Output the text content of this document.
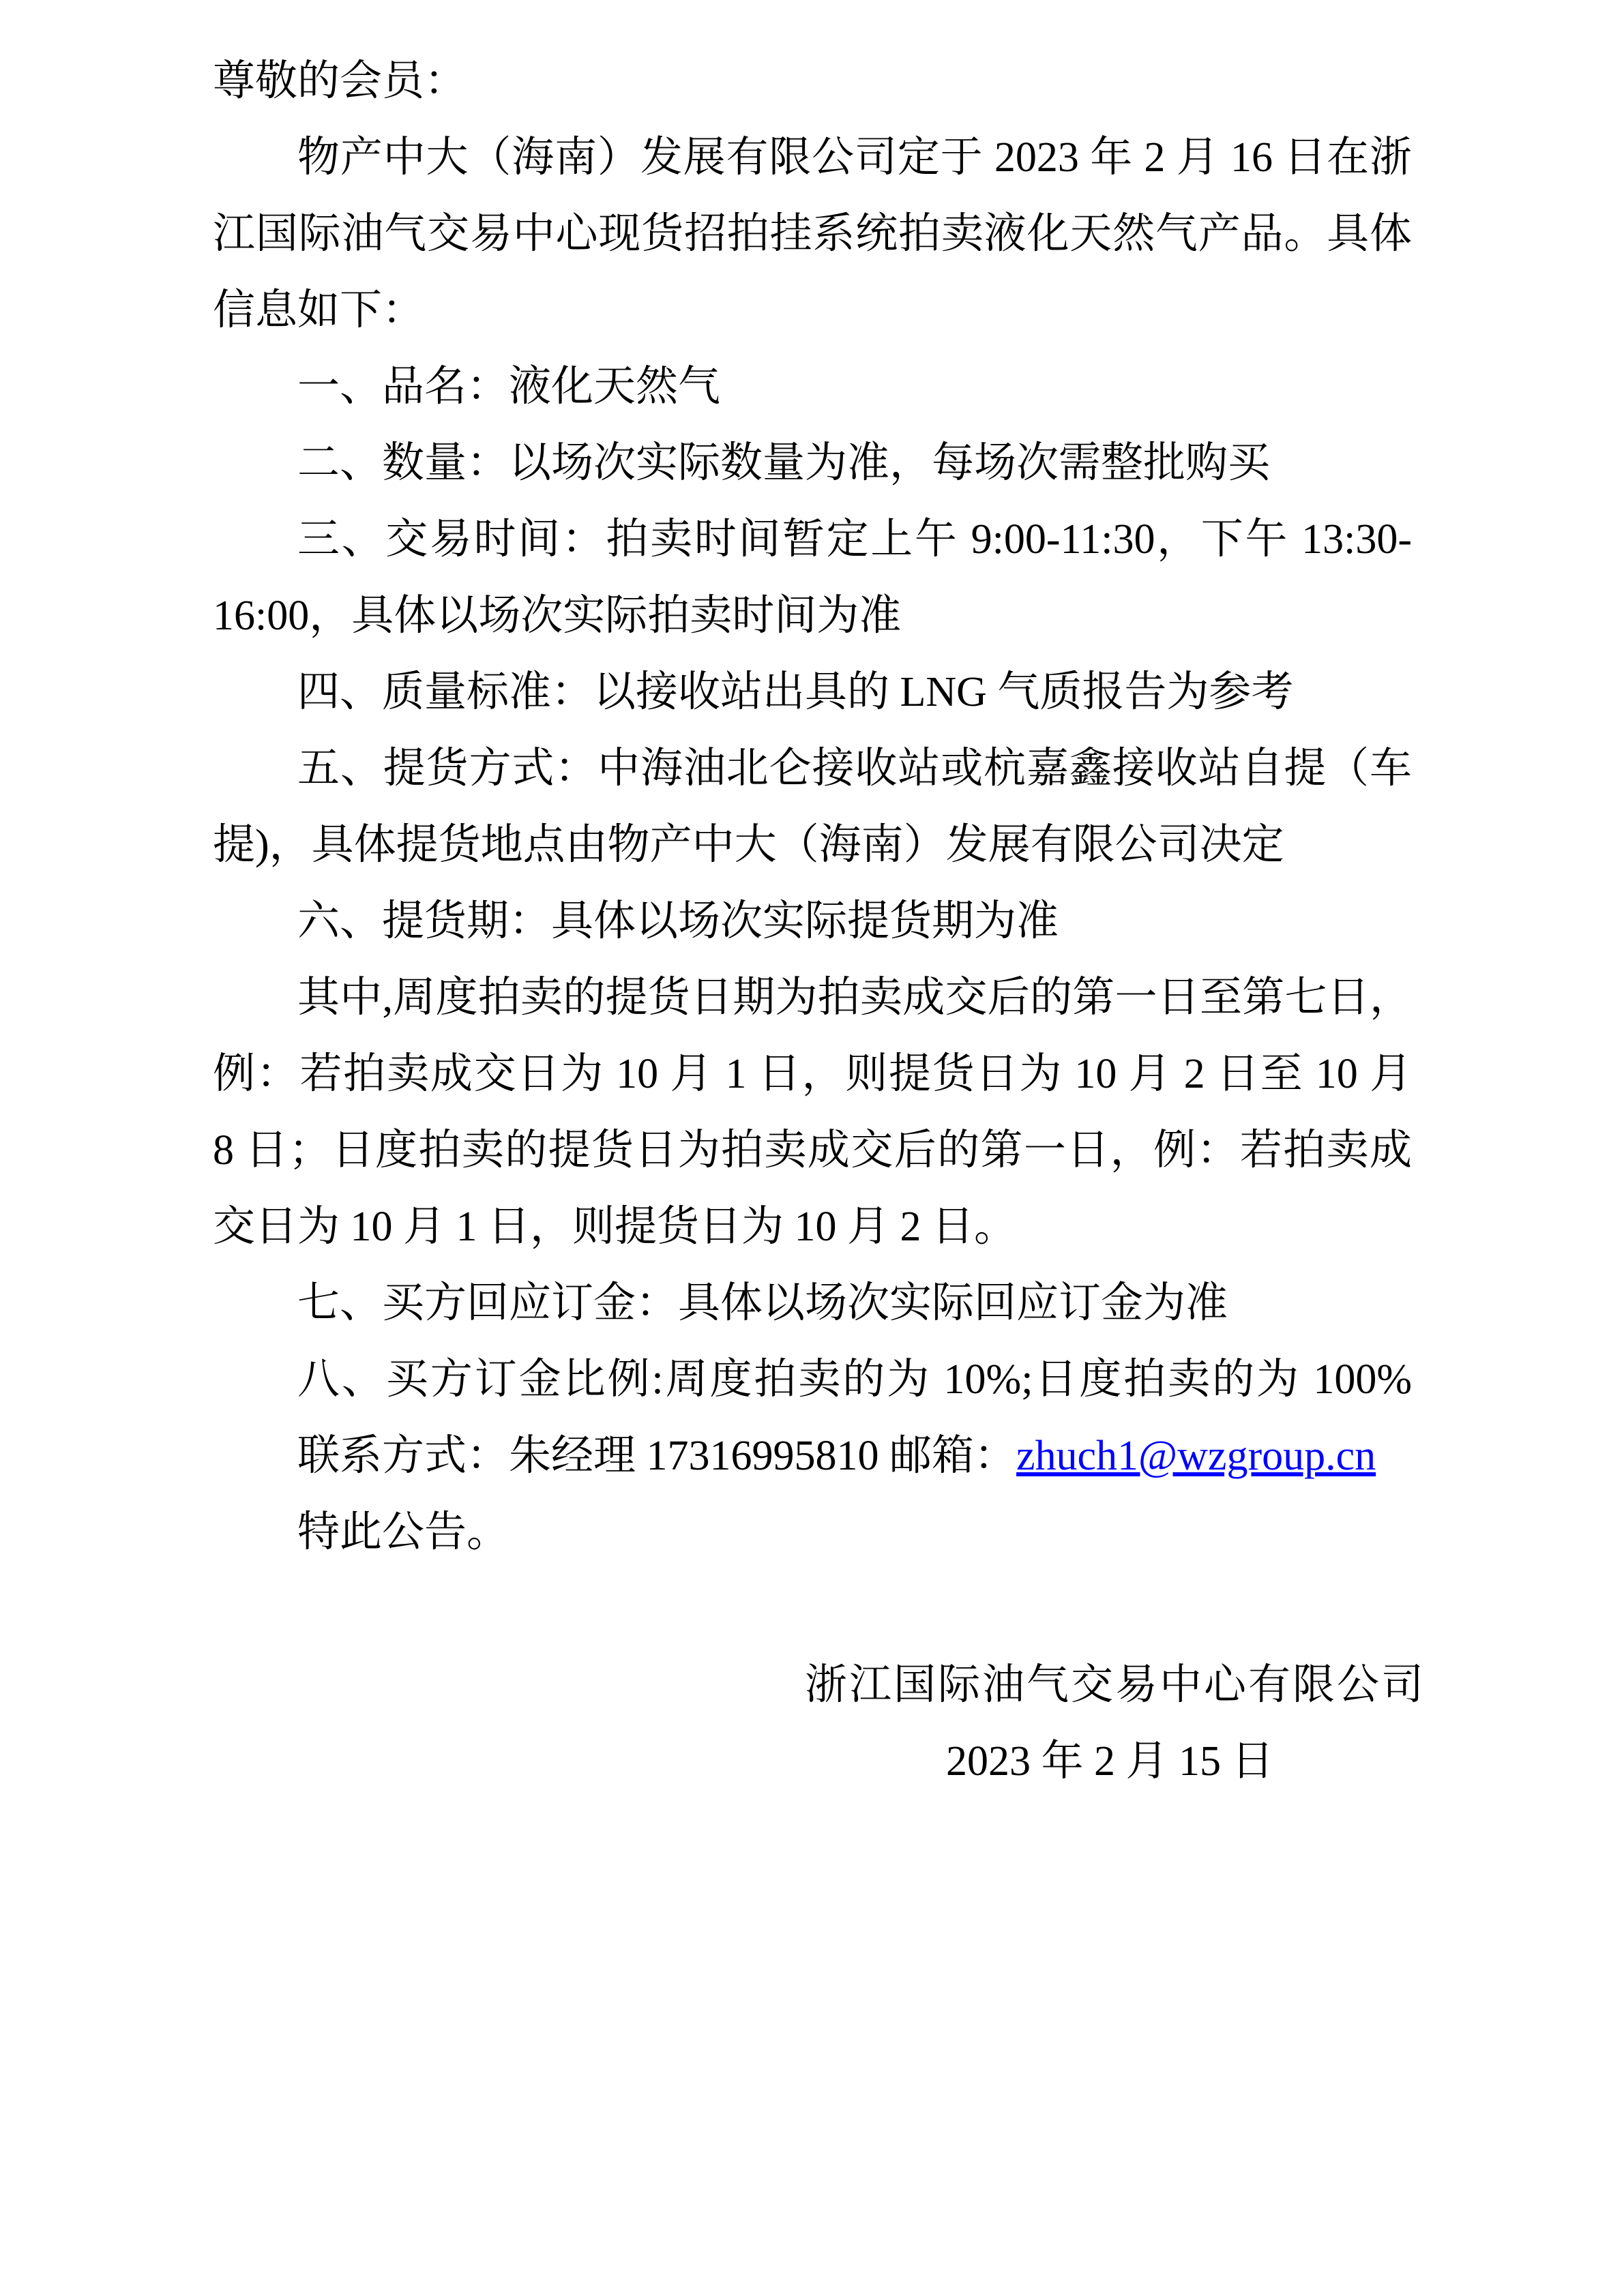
尊敬的会员：
物产中大（海南）发展有限公司定于 2023 年 2 月 16 日在浙
江国际油气交易中心现货招拍挂系统拍卖液化天然气产品。具体
信息如下：
一、品名：液化天然气
二、数量：以场次实际数量为准，每场次需整批购买
三、交易时间：拍卖时间暂定上午 9:00-11:30，下午 13:30-
16:00，具体以场次实际拍卖时间为准
四、质量标准：以接收站出具的 LNG 气质报告为参考
五、提货方式：中海油北仑接收站或杭嘉鑫接收站自提（车
提)，具体提货地点由物产中大（海南）发展有限公司决定
六、提货期：具体以场次实际提货期为准
其中,周度拍卖的提货日期为拍卖成交后的第一日至第七日，
例：若拍卖成交日为 10 月 1 日，则提货日为 10 月 2 日至 10 月
8 日；日度拍卖的提货日为拍卖成交后的第一日，例：若拍卖成
交日为 10 月 1 日，则提货日为 10 月 2 日。
七、买方回应订金：具体以场次实际回应订金为准
八、买方订金比例:周度拍卖的为 10%;日度拍卖的为 100%
联系方式：朱经理 17316995810 邮箱：zhuch1@wzgroup.cn
特此公告。
浙江国际油气交易中心有限公司
2023 年 2 月 15 日
